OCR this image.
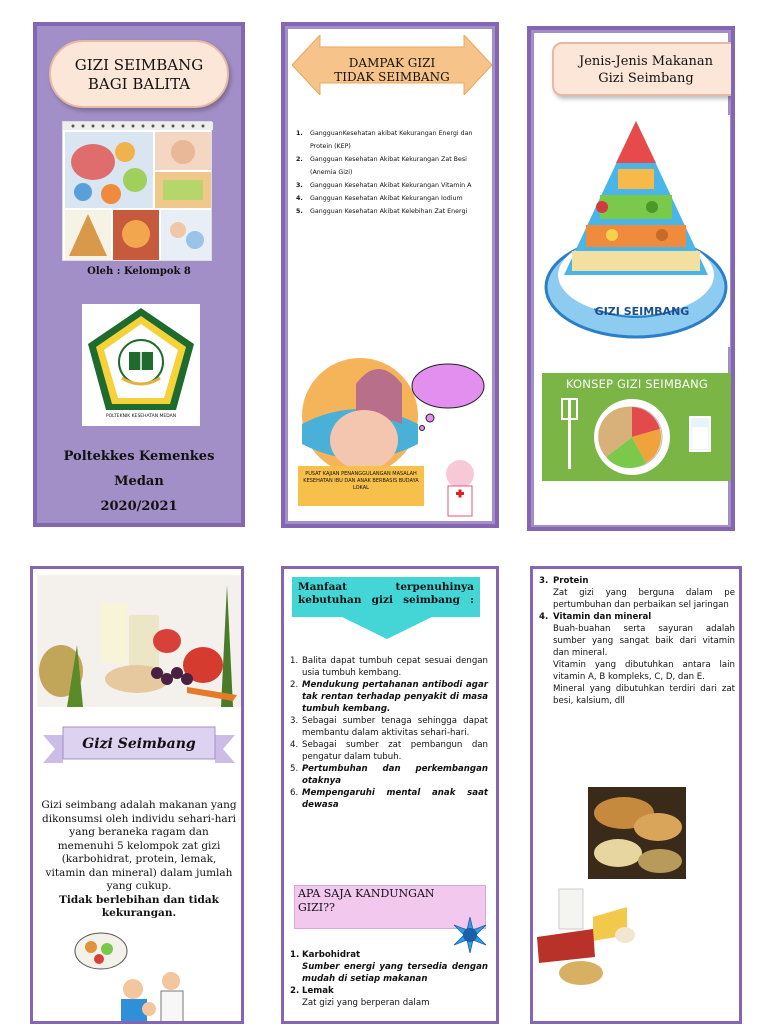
GIZI SEIMBANG
BAGI BALITA
Oleh : Kelompok 8
POLTEKNIK KESEHATAN MEDAN
Poltekkes Kemenkes Medan
2020/2021
DAMPAK GIZI
TIDAK SEIMBANG
1.	GangguanKesehatan akibat Kekurangan Energi dan Protein (KEP)
2.	Gangguan Kesehatan Akibat Kekurangan Zat Besi (Anemia Gizi)
3.	Gangguan Kesehatan Akibat Kekurangan Vitamin A
4.	Gangguan Kesehatan Akibat Kekurangan Iodium
5.	Gangguan Kesehatan Akibat Kelebihan Zat Energi
PUSAT KAJIAN PENANGGULANGAN MASALAH KESEHATAN IBU DAN ANAK BERBASIS BUDAYA LOKAL
Jenis-Jenis Makanan
Gizi Seimbang
GIZI SEIMBANG
KONSEP GIZI SEIMBANG
Gizi Seimbang
Gizi seimbang adalah makanan yang dikonsumsi oleh individu sehari-hari yang beraneka ragam dan memenuhi 5 kelompok zat gizi (karbohidrat, protein, lemak, vitamin dan mineral) dalam jumlah yang cukup.
Tidak berlebihan dan tidak kekurangan.
Manfaat terpenuhinya kebutuhan gizi seimbang :
1. Balita dapat tumbuh cepat sesuai dengan usia tumbuh kembang.
2. Mendukung pertahanan antibodi agar tak rentan terhadap penyakit di masa tumbuh kembang.
3. Sebagai sumber tenaga sehingga dapat membantu dalam aktivitas sehari-hari.
4. Sebagai sumber zat pembangun dan pengatur dalam tubuh.
5. Pertumbuhan dan perkembangan otaknya
6. Mempengaruhi mental anak saat dewasa
APA SAJA KANDUNGAN GIZI??
1. Karbohidrat
Sumber energi yang tersedia dengan mudah di setiap makanan
2. Lemak
Zat gizi yang berperan dalam
3. Protein
Zat gizi yang berguna dalam pe pertumbuhan dan perbaikan sel jaringan
4. Vitamin dan mineral
Buah-buahan serta sayuran adalah sumber yang sangat baik dari vitamin dan mineral.
Vitamin yang dibutuhkan antara lain vitamin A, B kompleks, C, D, dan E.
Mineral yang dibutuhkan terdiri dari zat besi, kalsium, dll
